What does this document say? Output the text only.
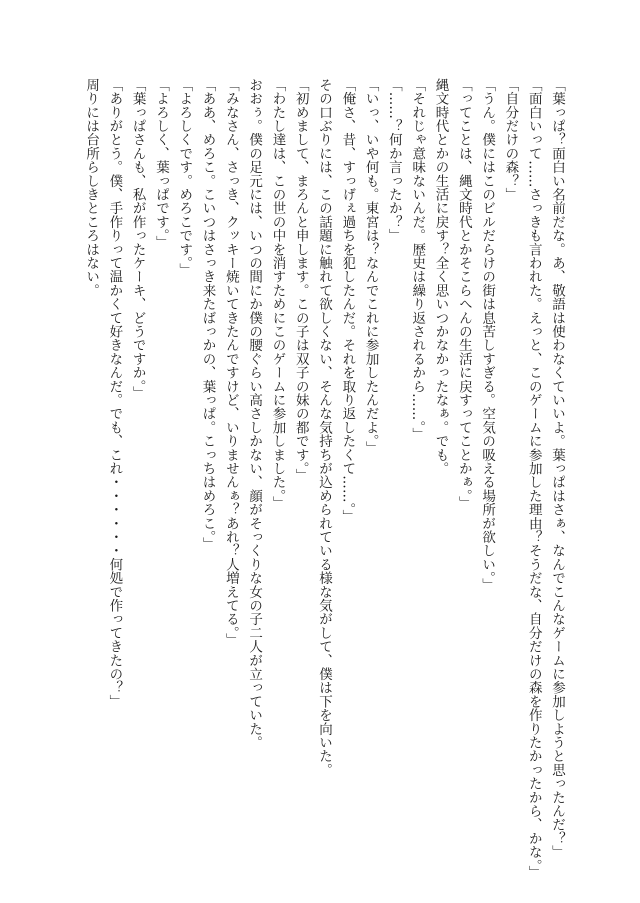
「葉っぱ？面白い名前だな。あ、敬語は使わなくていいよ。葉っぱはさぁ、なんでこんなゲームに参加しようと思ったんだ？」
「面白いって……さっきも言われた。えっと、このゲームに参加した理由？そうだな、自分だけの森を作りたかったから、かな。」
「自分だけの森？」
「うん。僕にはこのビルだらけの街は息苦しすぎる。空気の吸える場所が欲しい。」
「ってことは、縄文時代とかそこらへんの生活に戻すってことかぁ。」
縄文時代とかの生活に戻す？全く思いつかなかったなぁ。でも。
「それじゃ意味ないんだ。歴史は繰り返されるから……。」
「……？何か言ったか？」
「いっ、いや何も。東宮は？なんでこれに参加したんだよ。」
「俺さ、昔、すっげぇ過ちを犯したんだ。それを取り返したくて……。」
その口ぶりには、この話題に触れて欲しくない、そんな気持ちが込められている様な気がして、僕は下を向いた。
「初めまして、まろんと申します。この子は双子の妹の都です。」
「わたし達は、この世の中を消すためにこのゲームに参加しました。」
おおぅ。僕の足元には、いつの間にか僕の腰ぐらい高さしかない、顔がそっくりな女の子二人が立っていた。
「みなさん、さっき、クッキー焼いてきたんですけど、いりませんぁ？あれ？人増えてる。」
「ああ、めろこ。こいつはさっき来たばっかの、葉っぱ。こっちはめろこ。」
「よろしくです。めろこです。」
「よろしく、葉っぱです。」
「葉っぱさんも、私が作ったケーキ、どうですか。」
「ありがとう。僕、手作りって温かくて好きなんだ。でも、これ・・・・・・何処で作ってきたの？」
周りには台所らしきところはない。
